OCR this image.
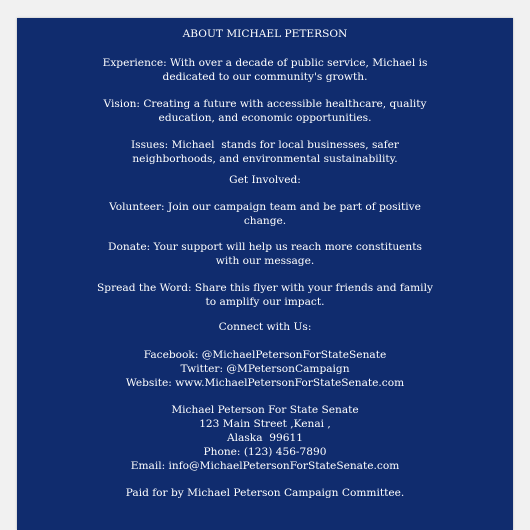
ABOUT MICHAEL PETERSON
Experience: With over a decade of public service, Michael is
dedicated to our community's growth.
Vision: Creating a future with accessible healthcare, quality
education, and economic opportunities.
Issues: Michael  stands for local businesses, safer
neighborhoods, and environmental sustainability.
Get Involved:
Volunteer: Join our campaign team and be part of positive
change.
Donate: Your support will help us reach more constituents
with our message.
Spread the Word: Share this flyer with your friends and family
to amplify our impact.
Connect with Us:
Facebook: @MichaelPetersonForStateSenate
Twitter: @MPetersonCampaign
Website: www.MichaelPetersonForStateSenate.com
Michael Peterson For State Senate
123 Main Street ,Kenai ,
Alaska  99611
Phone: (123) 456-7890
Email: info@MichaelPetersonForStateSenate.com
Paid for by Michael Peterson Campaign Committee.
